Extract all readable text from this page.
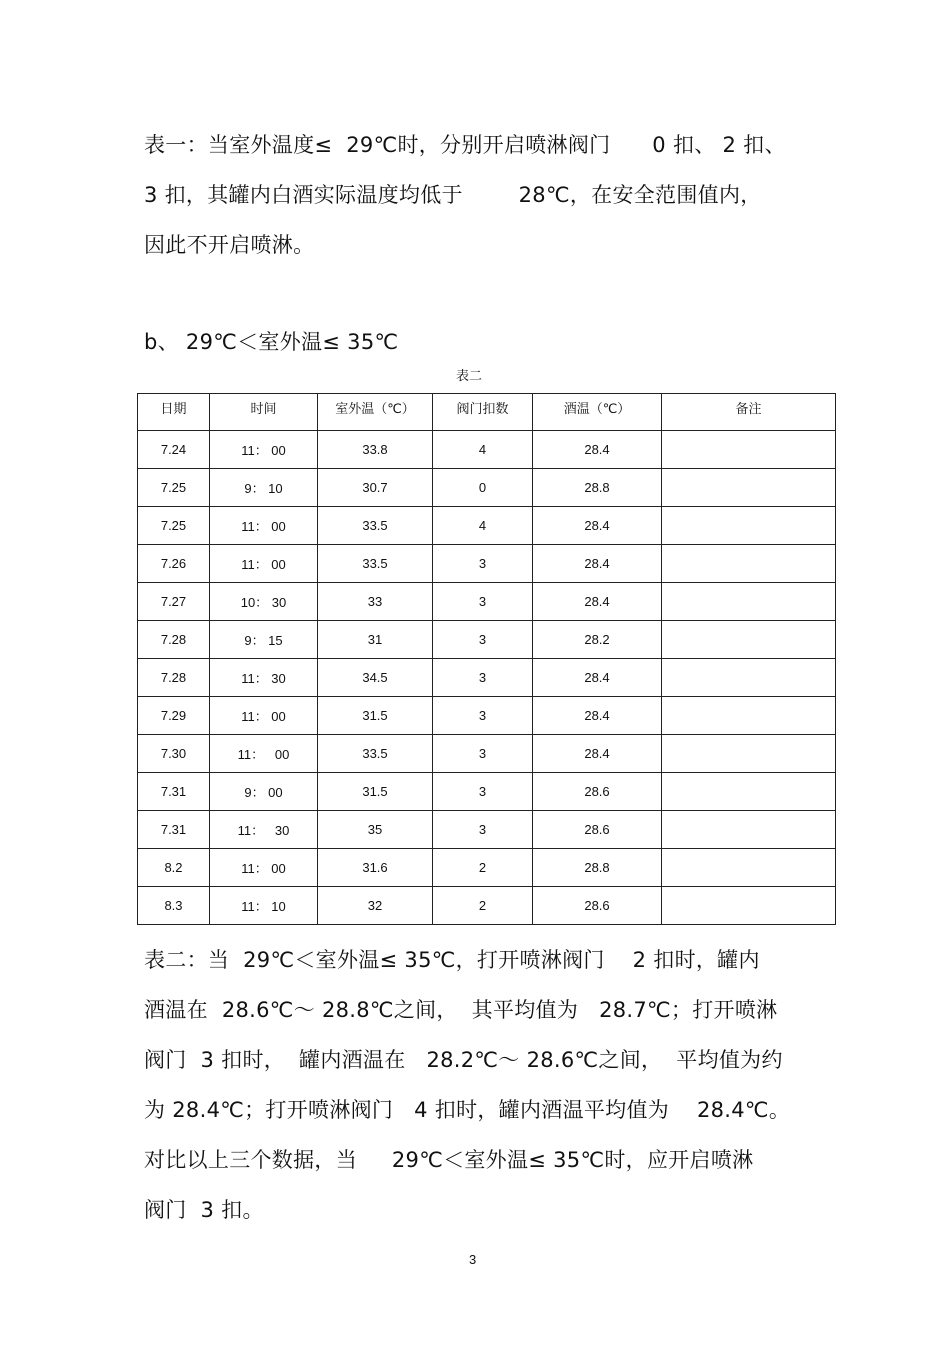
表一：当室外温度≤  29℃时，分别开启喷淋阀门      0 扣、 2 扣、
3 扣，其罐内白酒实际温度均低于        28℃，在安全范围值内，
因此不开启喷淋。
b、 29℃＜室外温≤ 35℃
表二
日期	时间	室外温（℃）	阀门扣数	酒温（℃）	备注
7.24	11： 00	33.8	4	28.4	
7.25	9： 10	30.7	0	28.8	
7.25	11： 00	33.5	4	28.4	
7.26	11： 00	33.5	3	28.4	
7.27	10： 30	33	3	28.4	
7.28	9： 15	31	3	28.2	
7.28	11： 30	34.5	3	28.4	
7.29	11： 00	31.5	3	28.4	
7.30	11：   00	33.5	3	28.4	
7.31	9： 00	31.5	3	28.6	
7.31	11：   30	35	3	28.6	
8.2	11： 00	31.6	2	28.8	
8.3	11： 10	32	2	28.6	
表二：当  29℃＜室外温≤ 35℃，打开喷淋阀门    2 扣时，罐内
酒温在  28.6℃～ 28.8℃之间，  其平均值为   28.7℃；打开喷淋
阀门  3 扣时，  罐内酒温在   28.2℃～ 28.6℃之间，  平均值为约
为 28.4℃；打开喷淋阀门   4 扣时，罐内酒温平均值为    28.4℃。
对比以上三个数据，当     29℃＜室外温≤ 35℃时，应开启喷淋
阀门  3 扣。
3
